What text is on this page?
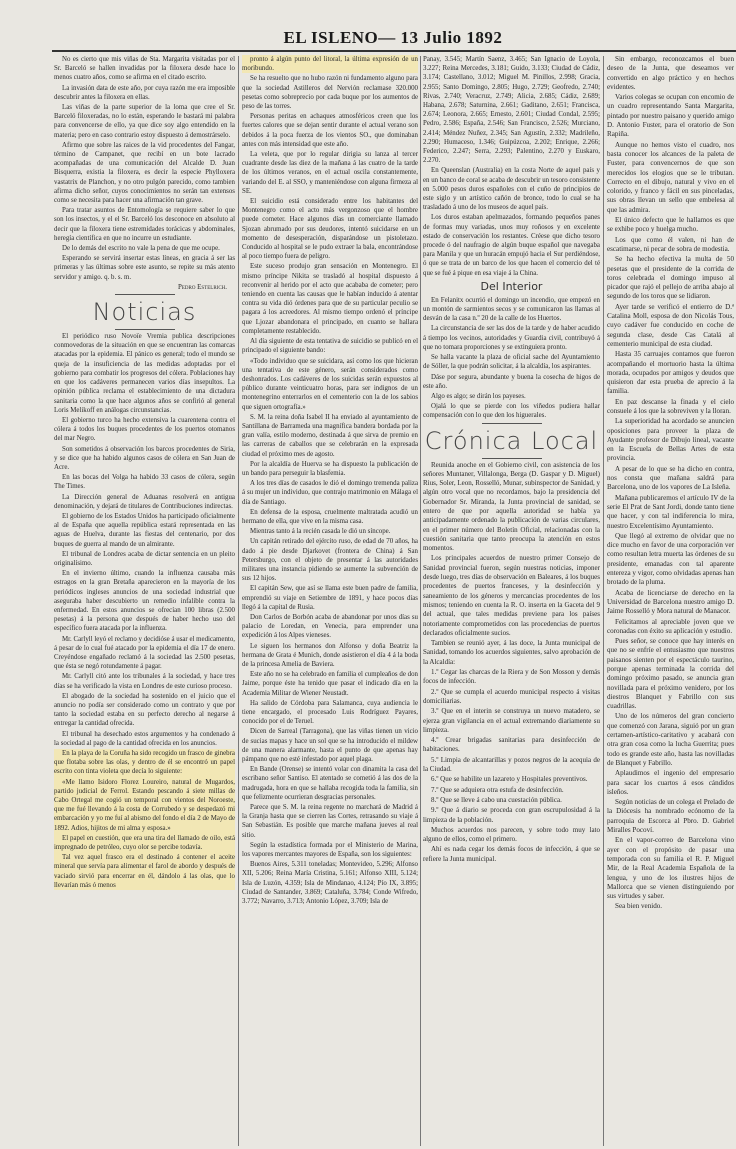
EL ISLENO— 13 Julio 1892

No es cierto que mis viñas de Sta. Margarita visitadas por el Sr. Barceló se hallen invadidas por la filoxera desde hace lo menos cuatro años, como se afirma en el citado escrito.

La invasión data de este año, por cuya razón me era imposible descubrir antes la filoxera en ellas.

Las viñas de la parte superior de la loma que cree el Sr. Barceló filoxeradas, no lo están, esperando le bastará mi palabra para convencerse de ello, ya que dice soy algo entendido en la materia; pero en caso contrario estoy dispuesto á demostrárselo.

Afirmo que sobre las raices de la vid procedentes del Fangar, término de Campanet, que recibí en un bote lacrado acompañadas de una comunicación del Alcalde D. Juan Bisquerra, existia la filoxera, es decir la especie Phylloxera vastatrix de Planchon, y no otro pulgón parecido, como tambien afirma dicho señor, cuyos conocimientos no serán tan extensos como se necesita para hacer una afirmación tan grave.

Para tratar asuntos de Entomología se requiere saber lo que son los insectos, y el el Sr. Barceló los desconoce en absoluto al decir que la filoxera tiene estremidades torácicas y abdominales, heregía científica en que no incurre un estudiante.

De lo demás del escrito no vale la pena de que me ocupe.

Esperando se servirá insertar estas líneas, en gracia á ser las primeras y las últimas sobre este asunto, se repite su más atento servidor y amigo. q. b. s. m.

Pedro Estelrich.

Noticias

El periódico ruso Novoïe Vremia publica descripciones conmovedoras de la situación en que se encuentran las comarcas atacadas por la epidemia. El pánico es general; todo el mundo se queja de la insuficiencia de las medidas adoptadas por el gobierno para combatir los progresos del cólera. Poblaciones hay en que los cadáveres permanecen varios días insepultos. La opinión pública reclama el establecimiento de una dictadura sanitaria como la que hace algunos años se confirió al general Loris Melikoff en análogas circunstancias.

El gobierno turco ha hecho extensiva la cuarentena contra el cólera á todos los buques procedentes de los puertos otomanos del mar Negro.

Son sometidos á observación los barcos procedentes de Siria, y se dice que ha habido algunos casos de cólera en San Juan de Acre.

En las bocas del Volga ha habido 33 casos de cólera, según The Times.

La Dirección general de Aduanas resolverá en antigua denominación, y dejará de titulares de Contribuciones indirectas.

El gobierno de los Estados Unidos ha participado oficialmente al de España que aquella república estará representada en las aguas de Huelva, durante las fiestas del centenario, por dos buques de guerra al mando de un almirante.

El tribunal de Londres acaba de dictar sentencia en un pleito originalísimo.

En el invierno último, cuando la influenza causaba más estragos en la gran Bretaña aparecieron en la mayoría de los periódicos ingleses anuncios de una sociedad industrial que aseguraba haber descubierto un remedio infalible contra la enfermedad. En estos anuncios se ofrecían 100 libras (2.500 pesetas) á la persona que después de haber hecho uso del específico fuera atacada por la influenza.

Mr. Carlyll leyó el reclamo y decidióse á usar el medicamento, á pesar de lo cual fué atacado por la epidemia el día 17 de enero. Creyéndose engañado reclamó á la sociedad las 2.500 pesetas, que ésta se negó rotundamente á pagar.

Mr. Carlyll citó ante los tribunales á la sociedad, y hace tres días se ha verificado la vista en Londres de este curioso proceso.

El abogado de la sociedad ha sostenido en el juicio que el anuncio no podía ser considerado como un contrato y que por tanto la sociedad estaba en su perfecto derecho al negarse á entregar la cantidad ofrecida.

El tribunal ha desechado estos argumentos y ha condenado á la sociedad al pago de la cantidad ofrecida en los anuncios.

En la playa de la Coruña ha sido recogido un frasco de ginebra que flotaba sobre las olas, y dentro de él se encontró un papel escrito con tinta violeta que decía lo siguiente:

«Me llamo Isidoro Florez Loureiro, natural de Mugardos, partido judicial de Ferrol. Estando pescando á siete millas de Cabo Ortegal me cogió un temporal con vientos del Noroeste, que me fué llevando á la costa de Corrubedo y se despedazó mi embarcación y yo me fuí al abismo del fondo el día 2 de Mayo de 1892. Adios, hijitos de mi alma y esposa.»

El papel en cuestión, que era una tira del llamado de oilo, está impregnado de petróleo, cuyo olor se percibe todavía.

Tal vez aquel frasco era el destinado á contener el aceite mineral que servía para alimentar el farol de abordo y después de vaciado sirvió para encerrar en él, dándolo á las olas, que lo llevarían más ó menos

pronto á algún punto del litoral, la última expresión de un moribundo.

Se ha resuelto que no hubo razón ni fundamento alguno para que la sociedad Astilleros del Nervión reclamase 320.000 pesetas como sobreprecio por cada buque por los aumentos de peso de las torres.

Personas peritas en achaques atmosféricos creen que los fuertes calores que se dejan sentir durante el actual verano son debidos á la poca fuerza de los vientos SO., que dominaban antes con más intensidad que este año.

La veleta, que por lo regular dirigia su lanza al tercer cuadrante desde las diez de la mañana á las cuatro de la tarde de los últimos veranos, en el actual oscila constantemente, variando del E. al SSO, y manteniéndose con alguna firmeza al SE.

El suicidio está considerado entre los habitantes del Montenegro como el acto más vergonzoso que el hombre puede cometer. Hace algunos días un comerciante llamado Sjozan abrumado por sus deudores, intentó suicidarse en un momento de desesperación, disparándose un pistoletazo. Conducido al hospital se le pudo extraer la bala, encontrándose al poco tiempo fuera de peligro.

Este suceso produjo gran sensación en Montenegro. El mismo príncipe Nikita se trasladó al hospital dispuesto á reconvenir al herido por el acto que acababa de cometer; pero teniendo en cuenta las causas que le habían inducido á atentar contra su vida dió órdenes para que de su particular peculio se pagara á los acreedores. Al mismo tiempo ordenó el príncipe que Ljozar abandonara el principado, en cuanto se hallara completamente restablecido.

Al día siguiente de esta tentativa de suicidio se publicó en el principado el siguiente bando:

«Todo individuo que se suicidara, así como los que hicieran una tentativa de este género, serán considerados como deshonrados. Los cadáveres de los suicidas serán expuestos al público durante veinticuatro horas, para ser indignos de un montenegrino enterrarlos en el cementerio con la de los sabios que siguen ortografía.»

S. M. la reina doña Isabel II ha enviado al ayuntamiento de Santillana de Barrameda una magnífica bandera bordada por la gran valía, estilo moderno, destinada á que sirva de premio en las carreras de caballos que se celebrarán en la expresada ciudad el próximo mes de agosto.

Por la alcaldía de Huerva se ha dispuesto la publicación de un bando para perseguir la blasfemia.

A los tres días de casados le dió el domingo tremenda paliza á su mujer un individuo, que contrajo matrimonio en Málaga el día de Santiago.

En defensa de la esposa, cruelmente maltratada acudió un hermano de ella, que vive en la misma casa.

Mientras tanto á la recién casada le dió un síncope.

Un capitán retirado del ejército ruso, de edad de 70 años, ha dado á pie desde Djarkovet (frontera de China) á San Petersburgo, con el objeto de presentar á las autoridades militares una instancia pidiendo se aumente la subvención de sus 12 hijos.

El capitán Sew, que así se llama este buen padre de familia, emprendió su viaje en Setiembre de 1891, y hace pocos días llegó á la capital de Rusia.

Don Carlos de Borbón acaba de abandonar por unos días su palacio de Loredan, en Venecia, para emprender una expedición á los Alpes vieneses.

Le siguen los hermanos don Alfonso y doña Beatriz la hermana de Grata é Munich, donde asistieron el día 4 á la boda de la princesa Amelia de Baviera.

Este año no se ha celebrado en familia el cumpleaños de don Jaime, porque éste ha tenido que pasar el indicado día en la Academia Militar de Wiener Neustadt.

Ha salido de Córdoba para Salamanca, cuya audiencia le tiene encargado, el procesado Luis Rodríguez Payares, conocido por el de Teruel.

Dicen de Sarreal (Tarragona), que las viñas tienen un vicio de sucias mapas y hace un sol que se ha introducido el mildew de una manera alarmante, hasta el punto de que apenas hay pámpano que no esté infestado por aquel plaga.

En Bande (Orense) se intentó volar con dinamita la casa del escribano señor Santiso. El atentado se cometió á las dos de la madrugada, hora en que se hallaba recogida toda la familia, sin que felizmente ocurrieran desgracias personales.

Parece que S. M. la reina regente no marchará de Madrid á la Granja hasta que se cierren las Cortes, retrasando su viaje á San Sebastián. Es posible que marche mañana jueves al real sitio.

Según la estadística formada por el Ministerio de Marina, los vapores mercantes mayores de España, son los siguientes:

Buenos Aires, 5.311 toneladas; Montevideo, 5.296; Alfonso XII, 5.206; Reina María Cristina, 5.161; Alfonso XIII, 5.124; Isla de Luzón, 4.359; Isla de Mindanao, 4.124; Pío IX, 3.895; Ciudad de Santander, 3.869; Cataluña, 3.784; Conde Wifredo, 3.772; Navarro, 3.713; Antonio López, 3.709; Isla de

Panay, 3.545; Martín Saenz, 3.465; San Ignacio de Loyola, 3.227; Reina Mercedes, 3.181; Guido, 3.133; Ciudad de Cádiz, 3.174; Castellano, 3.012; Miguel M. Pinillos, 2.998; Gracia, 2.955; Santo Domingo, 2.805; Hugo, 2.729; Geofredo, 2.740; Rivas, 2.740; Veracruz, 2.749; Alicia, 2.685; Cádiz, 2.689; Habana, 2.678; Saturnina, 2.661; Gaditano, 2.651; Francisca, 2.674; Leonora, 2.665; Ernesto, 2.601; Ciudad Condal, 2.595; Pedro, 2.586; España, 2.546; San Francisco, 2.526; Murciano, 2.414; Méndez Nuñez, 2.345; San Agustín, 2.332; Madrileño, 2.290; Humaceso, 1.346; Guipúzcoa, 2.202; Enrique, 2.266; Federico, 2.247; Serra, 2.293; Palentino, 2.270 y Euskaro, 2.270.

En Queenslan (Australia) en la costa Norte de aquel país y en un banco de coral se acaba de descubrir un tesoro consistente en 5.000 pesos duros españoles con el cuño de principios de este siglo y un artístico cañón de bronce, todo lo cual se ha trasladado á uno de los museos de aquel país.

Los duros estaban apelmazados, formando pequeños panes de formas muy variadas, unos muy roñosos y en excelente estado de conservación los restantes. Créese que dicho tesoro procede ó del naufragio de algún buque español que navegaba para Manila y que un huracán empujó hacia el Sur perdiéndose, ó que se trata de un barco de los que hacen el comercio del té que se fué á pique en esa viaje á la China.

Del Interior

En Felanitx ocurrió el domingo un incendio, que empezó en un montón de sarmientos secos y se comunicaron las llamas al desván de la casa n.º 20 de la calle de los Huertos.

La circunstancia de ser las dos de la tarde y de haber acudido á tiempo los vecinos, autoridades y Guardia civil, contribuyó á que no tomara proporciones y se extinguiera pronto.

Se halla vacante la plaza de oficial sache del Ayuntamiento de Sóller, la que podrán solicitar, á la alcaldía, los aspirantes.

Dáse por segura, abundante y buena la cosecha de higos de este año.

Algo es algo; se dirán los payeses.

Ojalá lo que se pierde con los viñedos pudiera hallar compensación con lo que den los higuerales.

Crónica Local

Reunida anoche en el Gobierno civil, con asistencia de los señores Muntaner, Villalonga, Berga (D. Gaspar y D. Miguel) Rius, Soler, Leon, Rosselló, Munar, subinspector de Sanidad, y algún otro vocal que no recordamos, bajo la presidencia del Gobernador Sr. Miranda, la Junta provincial de sanidad, se entero de que por aquella autoridad se había ya anticipadamente ordenado la publicación de varias circulares, en el primer número del Boletín Oficial, relacionadas con la cuestión sanitaria que tanto preocupa la atención en estos momentos.

Los principales acuerdos de nuestro primer Consejo de Sanidad provincial fueron, según nuestras noticias, imponer desde luego, tres días de observación en Baleares, á los buques procedentes de puertos franceses, y la desinfección y saneamiento de los géneros y mercancias procedentes de los mismos; teniendo en cuenta la R. O. inserta en la Gaceta del 9 del actual, que tales medidas previene para los países notoriamente comprometidos con las procedencias de puertos declarados oficialmente sucios.

Tambien se reunió ayer, á las doce, la Junta municipal de Sanidad, tomando los acuerdos siguientes, salvo aprobación de la Alcaldía:

1.º Cegar las charcas de la Riera y de Son Mosson y demás focos de infección.

2.º Que se cumpla el acuerdo municipal respecto á visitas domiciliarias.

3.º Que en el interin se construya un nuevo matadero, se ejerza gran vigilancia en el actual extremando diariamente su limpieza.

4.º Crear brigadas sanitarias para desinfección de habitaciones.

5.º Limpia de alcantarillas y pozos negros de la acequia de la Ciudad.

6.º Que se habilite un lazareto y Hospitales preventivos.

7.º Que se adquiera otra estufa de desinfección.

8.º Que se lleve á cabo una cuestación pública.

9.º Que á diario se proceda con gran escrupulosidad á la limpieza de la población.

Muchos acuerdos nos parecen, y sobre todo muy lato alguno de ellos, como el primero.

Ahí es nada cegar los demás focos de infección, á que se refiere la Junta municipal.

Sin embargo, reconozcamos el buen deseo de la Junta, que deseamos ver convertido en algo práctico y en hechos evidentes.

Varios colegas se ocupan con encomio de un cuadro representando Santa Margarita, pintado por nuestro paisano y querido amigo D. Antonio Fuster, para el oratorio de Son Rapiña.

Aunque no hemos visto el cuadro, nos basta conocer los alcances de la paleta de Fuster, para convencernos de que son merecidos los elogios que se le tributan. Correcto en el dibujo, natural y vivo en el colorido, y franco y fácil en sus pinceladas, sus obras llevan un sello que embelesa al que las admira.

El único defecto que le hallamos es que se exhibe poco y huelga mucho.

Los que como él valen, ni han de escatimarse, ni pecar de sobra de modestia.

Se ha hecho efectiva la multa de 50 pesetas que el presidente de la corrida de toros celebrada el domingo impuso al picador que rajó el pellejo de arriba abajo al segundo de los toros que se lidiaron.

Ayer tarde se verificó el entierro de D.ª Catalina Moll, esposa de don Nicolás Tous, cuyo cadáver fue conducido en coche de segunda clase, desde Cas Catalá al cementerio municipal de esta ciudad.

Hasta 35 carruajes contamos que fueron acompañando el mortuorio hasta la última morada, ocupados por amigos y deudos que quisieron dar esta prueba de aprecio á la familia.

En paz descanse la finada y el cielo consuele á los que la sobreviven y la lloran.

La superioridad ha acordado se anuncien oposiciones para proveer la plaza de Ayudante profesor de Dibujo lineal, vacante en la Escuela de Bellas Artes de esta provincia.

A pesar de lo que se ha dicho en contra, nos consta que mañana saldrá para Barcelona, uno de los vapores de La Isleña.

Mañana publicaremos el artículo IV de la serie El Prat de Sant Jordi, donde tanto tiene que hacer, y con tal indiferencia lo mira, nuestro Excelentísimo Ayuntamiento.

Que llegó al extremo de olvidar que no dice mucho en favor de una corporación ver como resultan letra muerta las órdenes de su presidente, emanadas con tal aparente entereza y vigor, como olvidadas apenas han brotado de la pluma.

Acaba de licenciarse de derecho en la Universidad de Barcelona nuestro amigo D. Jaime Rosselló y Mora natural de Manacor.

Felicitamos al apreciable joven que ve coronadas con éxito su aplicación y estudio.

Pues señor, se conoce que hay interés en que no se enfríe el entusiasmo que nuestros paisanos sienten por el espectáculo taurino, porque apenas terminada la corrida del domingo próximo pasado, se anuncia gran novillada para el próximo venidero, por los diestros Blanquet y Fabrillo con sus cuadrillas.

Uno de los números del gran concierto que comenzó con Jarana, siguió por un gran certamen-artístico-caritativo y acabará con otra gran cosa como la lucha Guerrita; pues todo es grande este año, hasta las novilladas de Blanquet y Fabrillo.

Aplaudimos el ingenio del empresario para sacar los cuartos á esos cándidos isleños.

Según noticias de un colega el Prelado de la Diócesis ha nombrado ecónomo de la parroquia de Escorca al Pbro. D. Gabriel Miralles Pocoví.

En el vapor-correo de Barcelona vino ayer con el propósito de pasar una temporada con su familia el R. P. Miguel Mir, de la Real Academia Española de la lengua, y uno de los ilustres hijos de Mallorca que se vienen distinguiendo por sus virtudes y saber.

Sea bien venido.
